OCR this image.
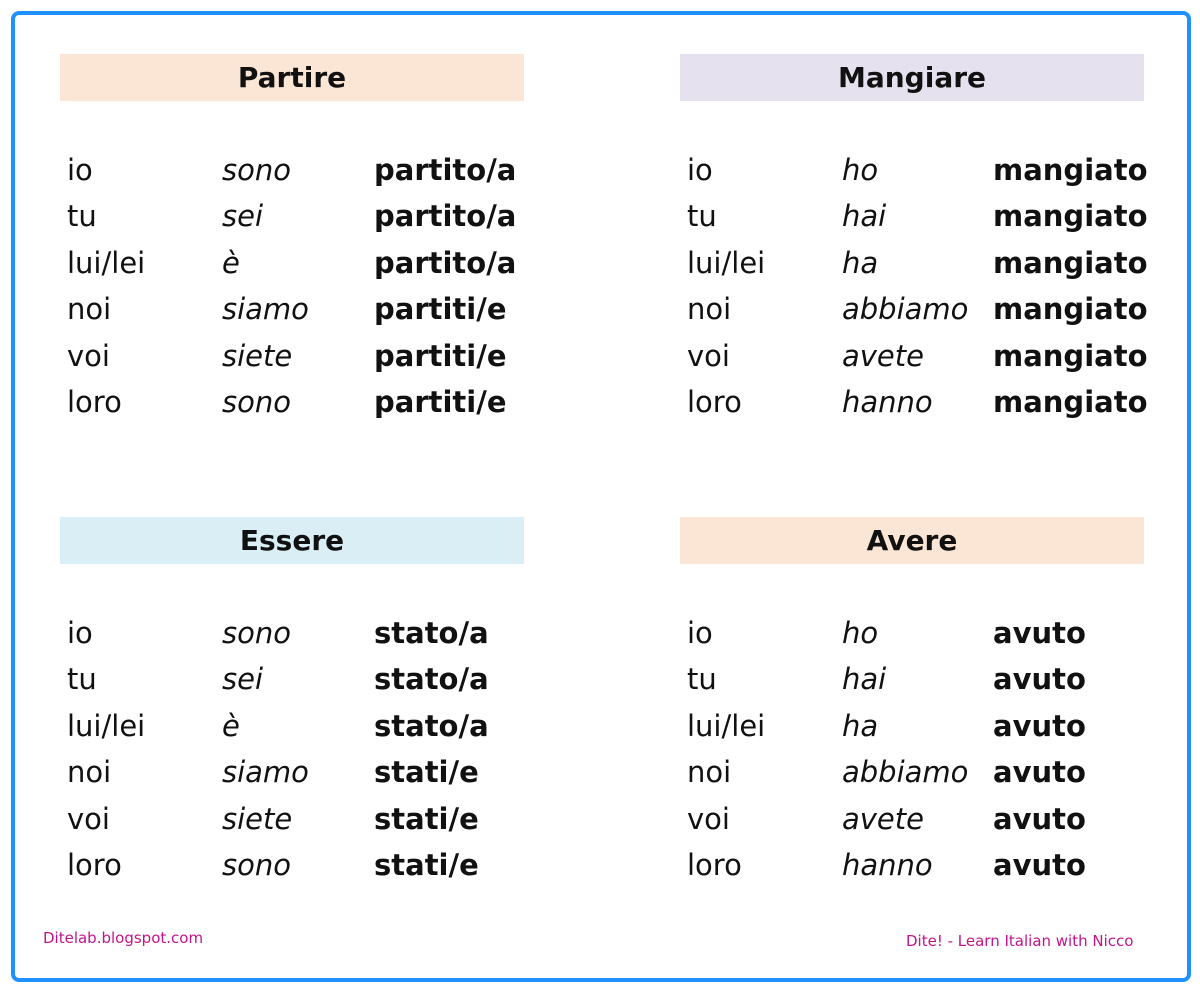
Partire
io	sono	partito/a
tu	sei	partito/a
lui/lei	è	partito/a
noi	siamo partiti/e
voi	siete	partiti/e
loro	sono	partiti/e
Mangiare
io	ho	mangiato
tu	hai	mangiato
lui/lei	ha	mangiato
noi	abbiamo mangiato
voi	avete mangiato
loro	hanno mangiato
Essere
io	sono	stato/a
tu	sei	stato/a
lui/lei	è	stato/a
noi	siamo stati/e
voi	siete	stati/e
loro	sono	stati/e
Avere
io	ho	avuto
tu	hai	avuto
lui/lei	ha	avuto
noi	abbiamo avuto
voi	avete avuto
loro	hanno avuto
Ditelab.blogspot.com	Dite! - Learn Italian with Nicco
